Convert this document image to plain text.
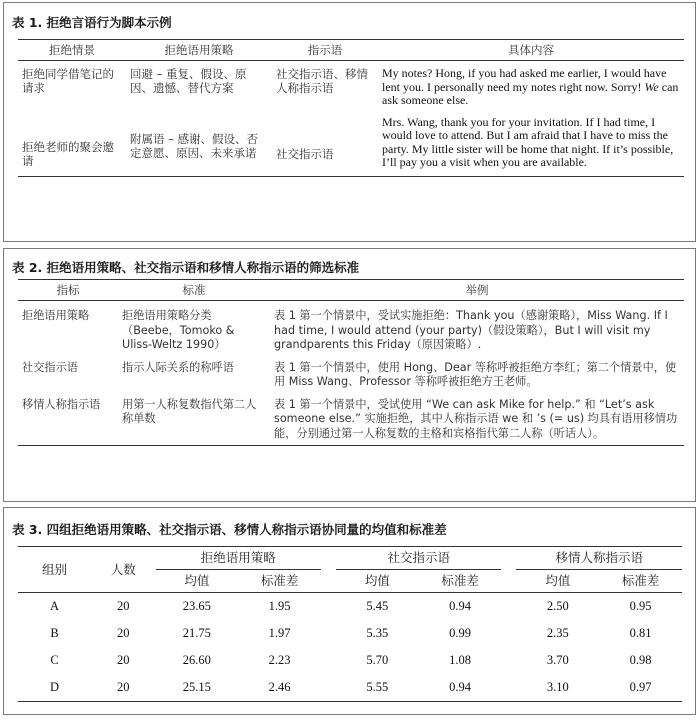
表 1. 拒绝言语行为脚本示例
拒绝情景	拒绝语用策略	指示语	具体内容
拒绝同学借笔记的请求	回避 – 重复、假设、原因、遗憾、替代方案	社交指示语、移情人称指示语	My notes? Hong, if you had asked me earlier, I would have lent you. I personally need my notes right now. Sorry! We can ask someone else.
拒绝老师的聚会邀请	附属语 – 感谢、假设、否定意愿、原因、未来承诺	社交指示语	Mrs. Wang, thank you for your invitation. If I had time, I would love to attend. But I am afraid that I have to miss the party. My little sister will be home that night. If it’s possible, I’ll pay you a visit when you are available.
表 2. 拒绝语用策略、社交指示语和移情人称指示语的筛选标准
指标	标准	举例
拒绝语用策略	拒绝语用策略分类（Beebe，Tomoko & Uliss-Weltz 1990）	表 1 第一个情景中，受试实施拒绝：Thank you（感谢策略），Miss Wang. If I had time, I would attend (your party)（假设策略），But I will visit my grandparents this Friday（原因策略）.
社交指示语	指示人际关系的称呼语	表 1 第一个情景中，使用 Hong、Dear 等称呼被拒绝方李红；第二个情景中，使用 Miss Wang、Professor 等称呼被拒绝方王老师。
移情人称指示语	用第一人称复数指代第二人称单数	表 1 第一个情景中，受试使用 “We can ask Mike for help.” 和 “Let’s ask someone else.” 实施拒绝，其中人称指示语 we 和 ’s (= us) 均具有语用移情功能，分别通过第一人称复数的主格和宾格指代第二人称（听话人）。
表 3. 四组拒绝语用策略、社交指示语、移情人称指示语协同量的均值和标准差
组别	人数	拒绝语用策略			社交指示语			移情人称指示语	
		均值	标准差		均值	标准差		均值	标准差
A	20	23.65	1.95		5.45	0.94		2.50	0.95
B	20	21.75	1.97		5.35	0.99		2.35	0.81
C	20	26.60	2.23		5.70	1.08		3.70	0.98
D	20	25.15	2.46		5.55	0.94		3.10	0.97
